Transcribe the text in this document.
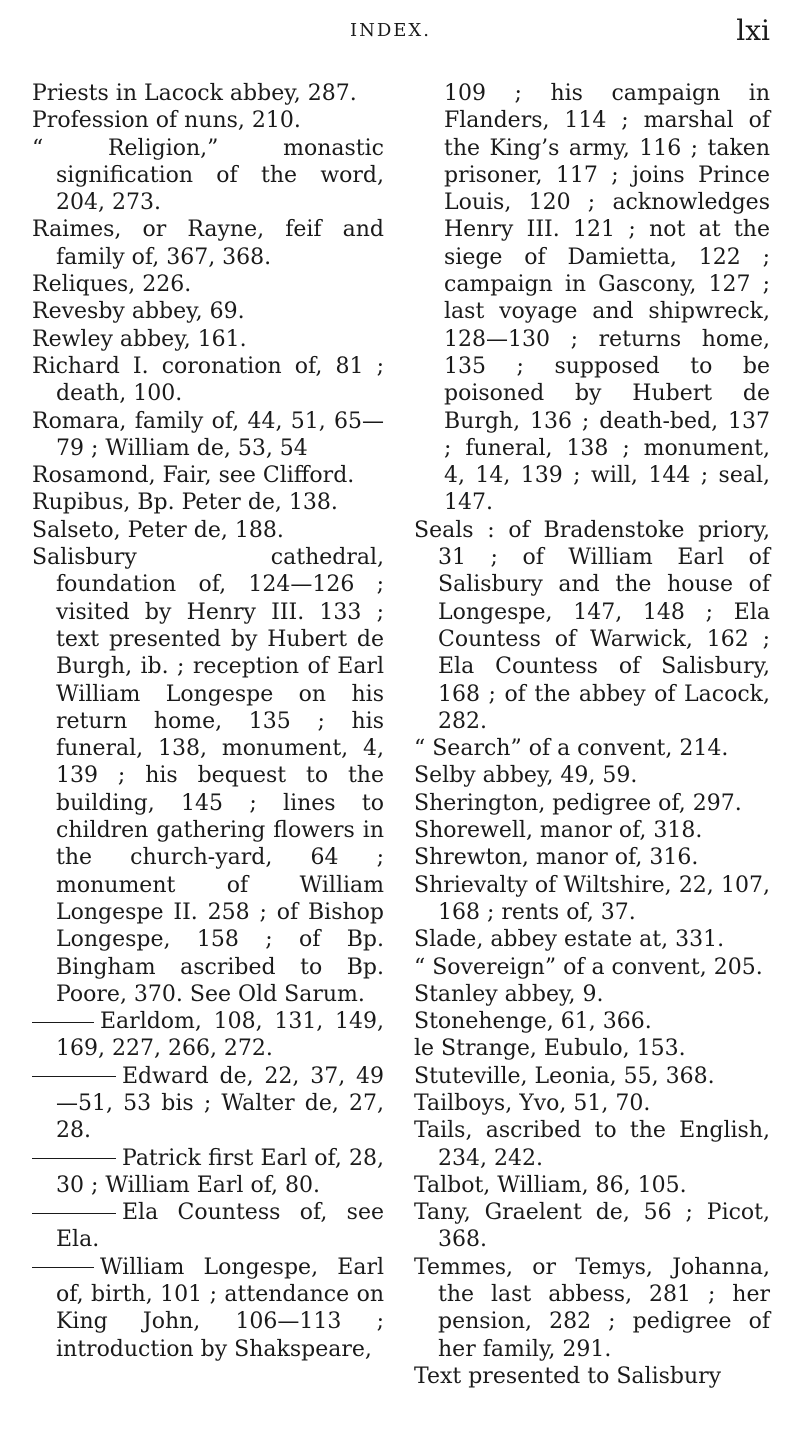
INDEX.	lxi

Priests in Lacock abbey, 287.

Profession of nuns, 210.

“ Religion,” monastic signification of the word, 204, 273.

Raimes, or Rayne, feif and family of, 367, 368.

Reliques, 226.

Revesby abbey, 69.

Rewley abbey, 161.

Richard I. coronation of, 81 ; death, 100.

Romara, family of, 44, 51, 65—79 ; William de, 53, 54

Rosamond, Fair, see Clifford.

Rupibus, Bp. Peter de, 138.

Salseto, Peter de, 188.

Salisbury cathedral, foundation of, 124—126 ; visited by Henry III. 133 ; text presented by Hubert de Burgh, ib. ; reception of Earl William Longespe on his return home, 135 ; his funeral, 138, monument, 4, 139 ; his bequest to the building, 145 ; lines to children gathering flowers in the church-yard, 64 ; monument of William Longespe II. 258 ; of Bishop Longespe, 158 ; of Bp. Bingham ascribed to Bp. Poore, 370. See Old Sarum.

Earldom, 108, 131, 149, 169, 227, 266, 272.

Edward de, 22, 37, 49—51, 53 bis ; Walter de, 27, 28.

Patrick first Earl of, 28, 30 ; William Earl of, 80.

Ela Countess of, see Ela.

William Longespe, Earl of, birth, 101 ; attendance on King John, 106—113 ; introduction by Shakspeare,

109 ; his campaign in Flanders, 114 ; marshal of the King’s army, 116 ; taken prisoner, 117 ; joins Prince Louis, 120 ; acknowledges Henry III. 121 ; not at the siege of Damietta, 122 ; campaign in Gascony, 127 ; last voyage and shipwreck, 128—130 ; returns home, 135 ; supposed to be poisoned by Hubert de Burgh, 136 ; death-bed, 137 ; funeral, 138 ; monument, 4, 14, 139 ; will, 144 ; seal, 147.

Seals : of Bradenstoke priory, 31 ; of William Earl of Salisbury and the house of Longespe, 147, 148 ; Ela Countess of Warwick, 162 ; Ela Countess of Salisbury, 168 ; of the abbey of Lacock, 282.

“ Search” of a convent, 214.

Selby abbey, 49, 59.

Sherington, pedigree of, 297.

Shorewell, manor of, 318.

Shrewton, manor of, 316.

Shrievalty of Wiltshire, 22, 107, 168 ; rents of, 37.

Slade, abbey estate at, 331.

“ Sovereign” of a convent, 205.

Stanley abbey, 9.

Stonehenge, 61, 366.

le Strange, Eubulo, 153.

Stuteville, Leonia, 55, 368.

Tailboys, Yvo, 51, 70.

Tails, ascribed to the English, 234, 242.

Talbot, William, 86, 105.

Tany, Graelent de, 56 ; Picot, 368.

Temmes, or Temys, Johanna, the last abbess, 281 ; her pension, 282 ; pedigree of her family, 291.

Text presented to Salisbury
